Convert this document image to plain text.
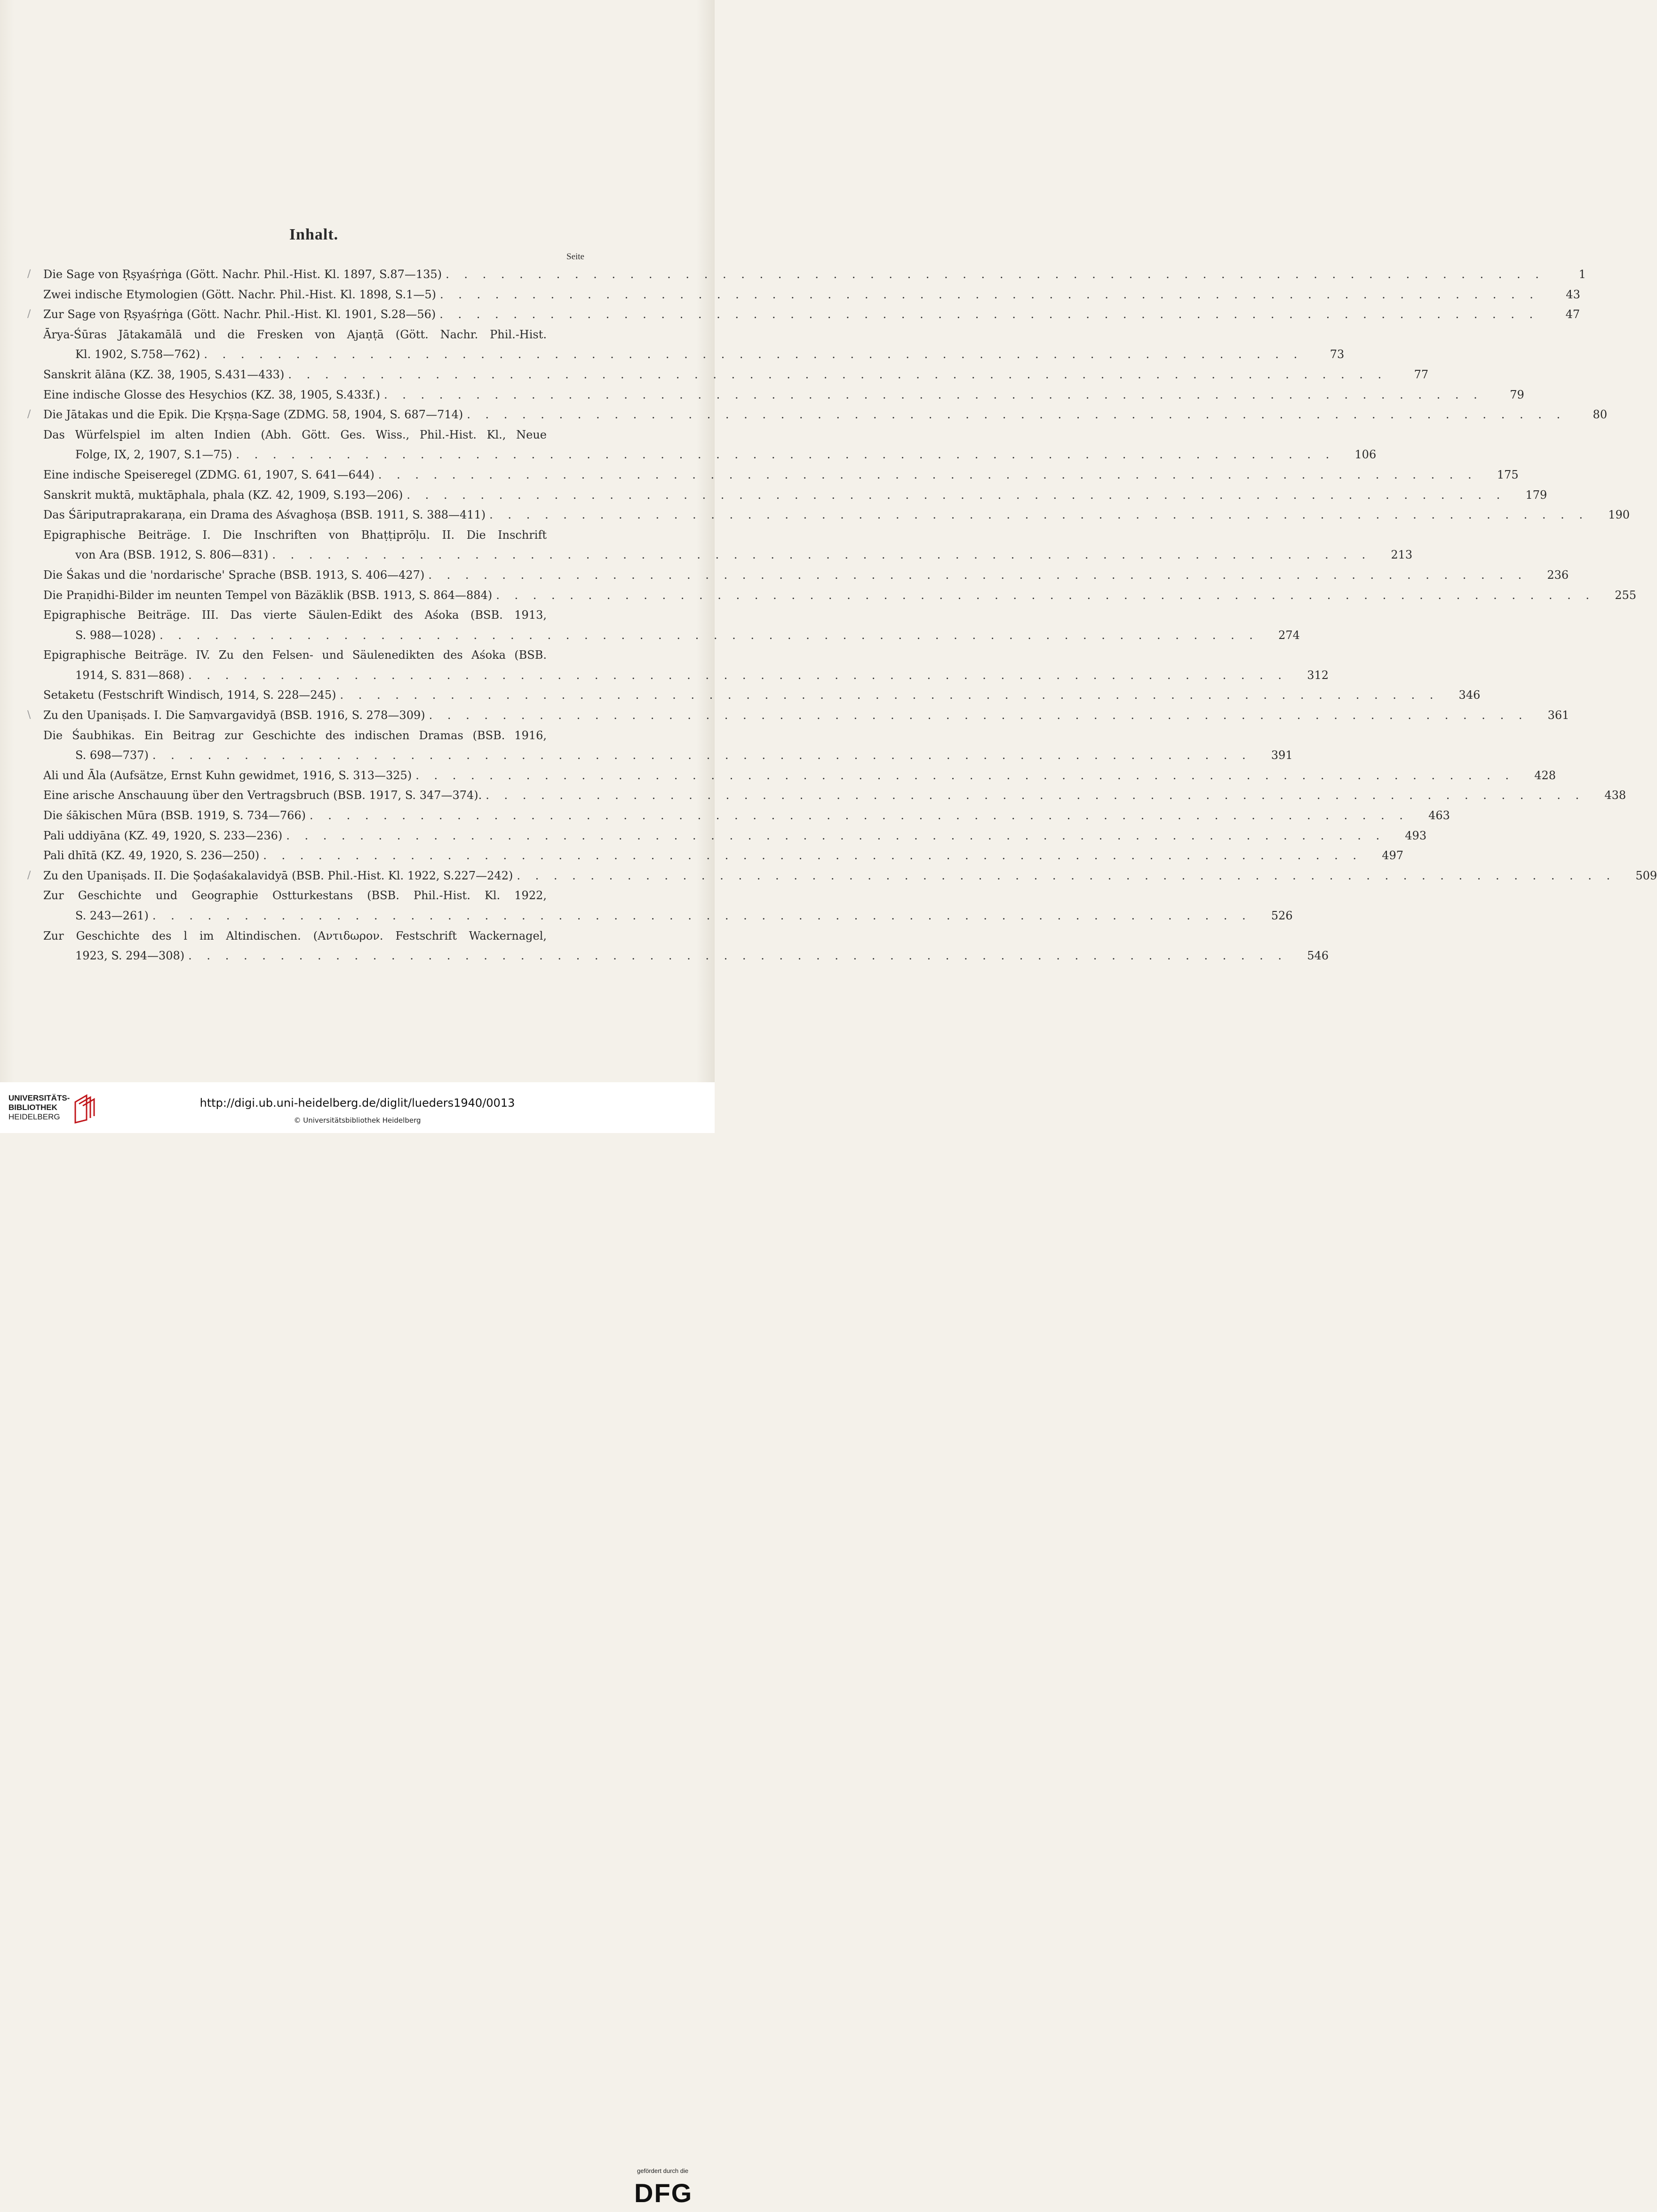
Inhalt.
Seite
/ Die Sage von Ṛṣyaśṛṅga (Gött. Nachr. Phil.-Hist. Kl. 1897, S.87—135) . . . . . . . . . . . . . . . . . . . . . . . . . . . . . . . . . . . . . . . . . . . . . . . . . . . . . . . . . . . .	1
Zwei indische Etymologien (Gött. Nachr. Phil.-Hist. Kl. 1898, S.1—5) . . . . . . . . . . . . . . . . . . . . . . . . . . . . . . . . . . . . . . . . . . . . . . . . . . . . . . . . . . . .	43
/ Zur Sage von Ṛṣyaśṛṅga (Gött. Nachr. Phil.-Hist. Kl. 1901, S.28—56) . . . . . . . . . . . . . . . . . . . . . . . . . . . . . . . . . . . . . . . . . . . . . . . . . . . . . . . . . . . .	47
Ārya-Śūras Jātakamālā und die Fresken von Ajaṇṭā (Gött. Nachr. Phil.-Hist.
Kl. 1902, S.758—762) . . . . . . . . . . . . . . . . . . . . . . . . . . . . . . . . . . . . . . . . . . . . . . . . . . . . . . . . . . . .	73
Sanskrit ālāna (KZ. 38, 1905, S.431—433) . . . . . . . . . . . . . . . . . . . . . . . . . . . . . . . . . . . . . . . . . . . . . . . . . . . . . . . . . . . .	77
Eine indische Glosse des Hesychios (KZ. 38, 1905, S.433f.) . . . . . . . . . . . . . . . . . . . . . . . . . . . . . . . . . . . . . . . . . . . . . . . . . . . . . . . . . . . .	79
/ Die Jātakas und die Epik. Die Kṛṣṇa-Sage (ZDMG. 58, 1904, S. 687—714) . . . . . . . . . . . . . . . . . . . . . . . . . . . . . . . . . . . . . . . . . . . . . . . . . . . . . . . . . . . .	80
Das Würfelspiel im alten Indien (Abh. Gött. Ges. Wiss., Phil.-Hist. Kl., Neue
Folge, IX, 2, 1907, S.1—75) . . . . . . . . . . . . . . . . . . . . . . . . . . . . . . . . . . . . . . . . . . . . . . . . . . . . . . . . . . . .	106
Eine indische Speiseregel (ZDMG. 61, 1907, S. 641—644) . . . . . . . . . . . . . . . . . . . . . . . . . . . . . . . . . . . . . . . . . . . . . . . . . . . . . . . . . . . .	175
Sanskrit muktā, muktāphala, phala (KZ. 42, 1909, S.193—206) . . . . . . . . . . . . . . . . . . . . . . . . . . . . . . . . . . . . . . . . . . . . . . . . . . . . . . . . . . . .	179
Das Śāriputraprakaraṇa, ein Drama des Aśvaghoṣa (BSB. 1911, S. 388—411) . . . . . . . . . . . . . . . . . . . . . . . . . . . . . . . . . . . . . . . . . . . . . . . . . . . . . . . . . . . .	190
Epigraphische Beiträge. I. Die Inschriften von Bhaṭṭiprōḷu. II. Die Inschrift
von Ara (BSB. 1912, S. 806—831) . . . . . . . . . . . . . . . . . . . . . . . . . . . . . . . . . . . . . . . . . . . . . . . . . . . . . . . . . . . .	213
Die Śakas und die 'nordarische' Sprache (BSB. 1913, S. 406—427) . . . . . . . . . . . . . . . . . . . . . . . . . . . . . . . . . . . . . . . . . . . . . . . . . . . . . . . . . . . .	236
Die Praṇidhi-Bilder im neunten Tempel von Bäzäklik (BSB. 1913, S. 864—884) . . . . . . . . . . . . . . . . . . . . . . . . . . . . . . . . . . . . . . . . . . . . . . . . . . . . . . . . . . . .	255
Epigraphische Beiträge. III. Das vierte Säulen-Edikt des Aśoka (BSB. 1913,
S. 988—1028) . . . . . . . . . . . . . . . . . . . . . . . . . . . . . . . . . . . . . . . . . . . . . . . . . . . . . . . . . . . .	274
Epigraphische Beiträge. IV. Zu den Felsen- und Säulenedikten des Aśoka (BSB.
1914, S. 831—868) . . . . . . . . . . . . . . . . . . . . . . . . . . . . . . . . . . . . . . . . . . . . . . . . . . . . . . . . . . . .	312
Setaketu (Festschrift Windisch, 1914, S. 228—245) . . . . . . . . . . . . . . . . . . . . . . . . . . . . . . . . . . . . . . . . . . . . . . . . . . . . . . . . . . . .	346
\ Zu den Upaniṣads. I. Die Saṃvargavidyā (BSB. 1916, S. 278—309) . . . . . . . . . . . . . . . . . . . . . . . . . . . . . . . . . . . . . . . . . . . . . . . . . . . . . . . . . . . .	361
Die Śaubhikas. Ein Beitrag zur Geschichte des indischen Dramas (BSB. 1916,
S. 698—737) . . . . . . . . . . . . . . . . . . . . . . . . . . . . . . . . . . . . . . . . . . . . . . . . . . . . . . . . . . . .	391
Ali und Āla (Aufsätze, Ernst Kuhn gewidmet, 1916, S. 313—325) . . . . . . . . . . . . . . . . . . . . . . . . . . . . . . . . . . . . . . . . . . . . . . . . . . . . . . . . . . . .	428
Eine arische Anschauung über den Vertragsbruch (BSB. 1917, S. 347—374). . . . . . . . . . . . . . . . . . . . . . . . . . . . . . . . . . . . . . . . . . . . . . . . . . . . . . . . . . . . .	438
Die śākischen Mūra (BSB. 1919, S. 734—766) . . . . . . . . . . . . . . . . . . . . . . . . . . . . . . . . . . . . . . . . . . . . . . . . . . . . . . . . . . . .	463
Pali uddiyāna (KZ. 49, 1920, S. 233—236) . . . . . . . . . . . . . . . . . . . . . . . . . . . . . . . . . . . . . . . . . . . . . . . . . . . . . . . . . . . .	493
Pali dhītā (KZ. 49, 1920, S. 236—250) . . . . . . . . . . . . . . . . . . . . . . . . . . . . . . . . . . . . . . . . . . . . . . . . . . . . . . . . . . . .	497
/ Zu den Upaniṣads. II. Die Ṣoḍaśakalavidyā (BSB. Phil.-Hist. Kl. 1922, S.227—242) . . . . . . . . . . . . . . . . . . . . . . . . . . . . . . . . . . . . . . . . . . . . . . . . . . . . . . . . . . . .	509
Zur Geschichte und Geographie Ostturkestans (BSB. Phil.-Hist. Kl. 1922,
S. 243—261) . . . . . . . . . . . . . . . . . . . . . . . . . . . . . . . . . . . . . . . . . . . . . . . . . . . . . . . . . . . .	526
Zur Geschichte des l im Altindischen. (Αντιδωρον. Festschrift Wackernagel,
1923, S. 294—308) . . . . . . . . . . . . . . . . . . . . . . . . . . . . . . . . . . . . . . . . . . . . . . . . . . . . . . . . . . . .	546
UNIVERSITÄTS-
BIBLIOTHEK
HEIDELBERG
gefördert durch die
DFG
http://digi.ub.uni-heidelberg.de/diglit/lueders1940/0013
© Universitätsbibliothek Heidelberg
